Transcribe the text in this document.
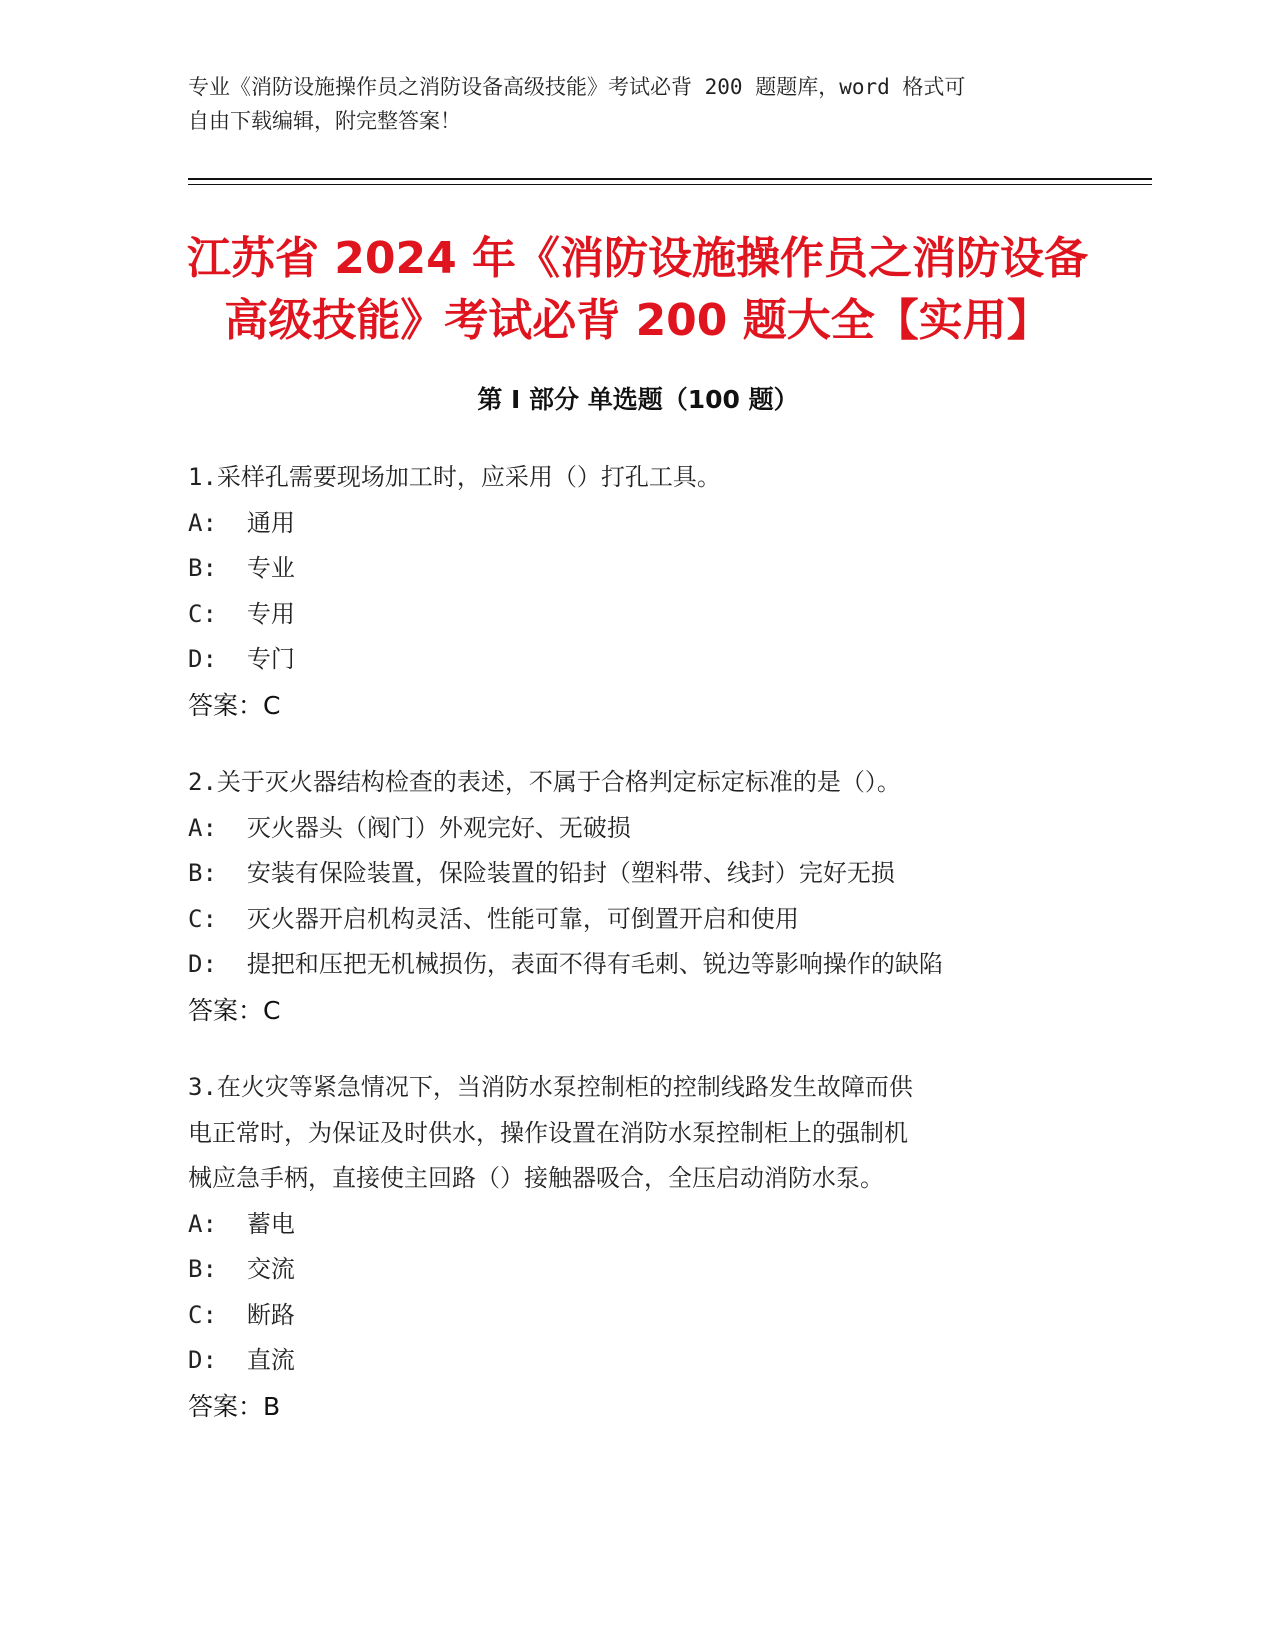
专业《消防设施操作员之消防设备高级技能》考试必背 200 题题库，word 格式可
自由下载编辑，附完整答案！
江苏省 2024 年《消防设施操作员之消防设备
高级技能》考试必背 200 题大全【实用】
第 I 部分 单选题（100 题）
1.采样孔需要现场加工时，应采用（）打孔工具。
A: 通用
B: 专业
C: 专用
D: 专门
答案：C
2.关于灭火器结构检查的表述，不属于合格判定标定标准的是（）。
A: 灭火器头（阀门）外观完好、无破损
B: 安装有保险装置，保险装置的铅封（塑料带、线封）完好无损
C: 灭火器开启机构灵活、性能可靠，可倒置开启和使用
D: 提把和压把无机械损伤，表面不得有毛刺、锐边等影响操作的缺陷
答案：C
3.在火灾等紧急情况下，当消防水泵控制柜的控制线路发生故障而供
电正常时，为保证及时供水，操作设置在消防水泵控制柜上的强制机
械应急手柄，直接使主回路（）接触器吸合，全压启动消防水泵。
A: 蓄电
B: 交流
C: 断路
D: 直流
答案：B
